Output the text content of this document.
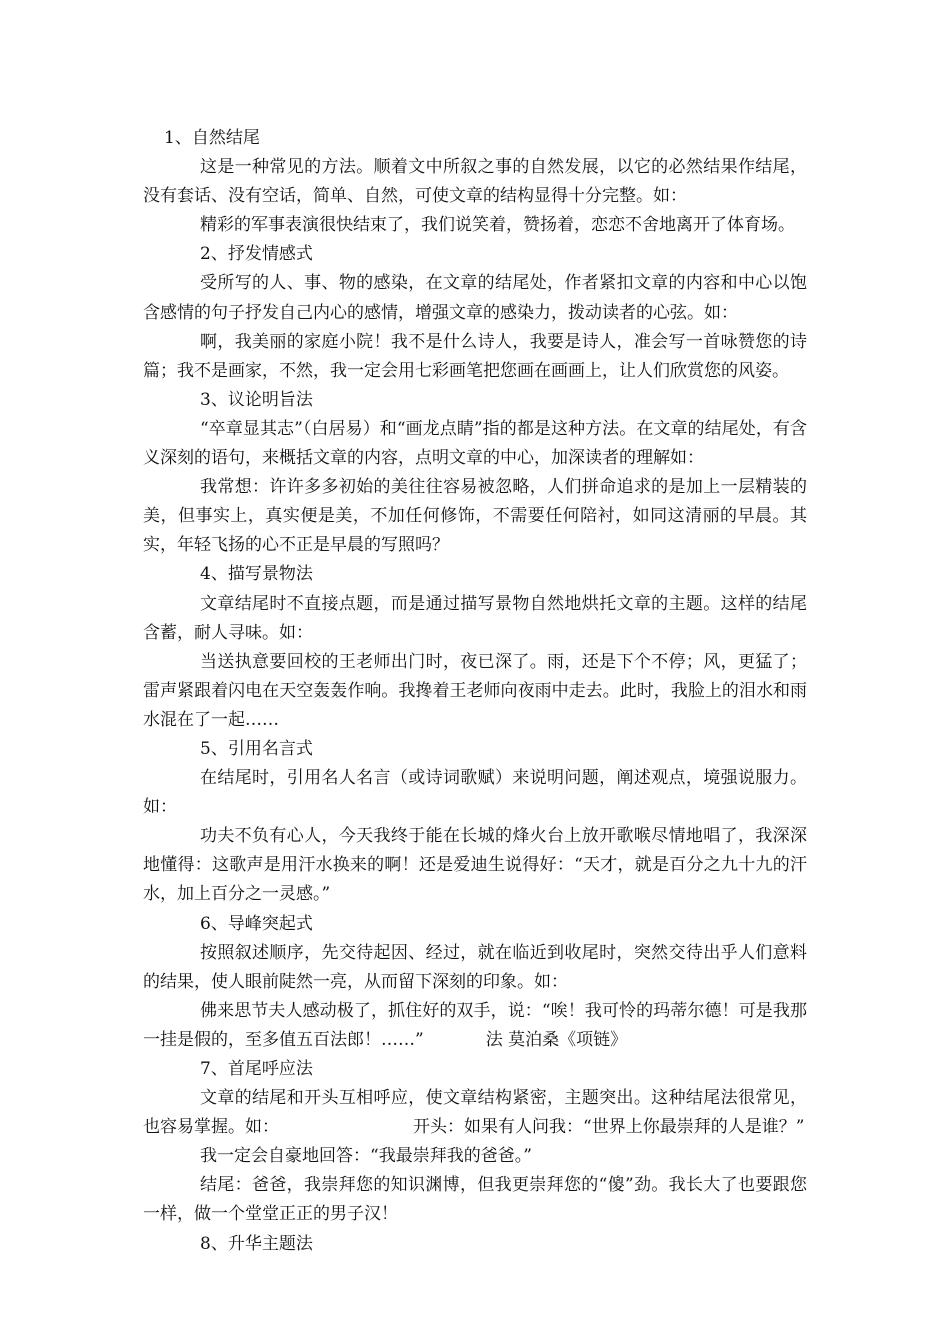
1、自然结尾

这是一种常见的方法。顺着文中所叙之事的自然发展，以它的必然结果作结尾，没有套话、没有空话，简单、自然，可使文章的结构显得十分完整。如：

精彩的军事表演很快结束了，我们说笑着，赞扬着，恋恋不舍地离开了体育场。

2、抒发情感式

受所写的人、事、物的感染，在文章的结尾处，作者紧扣文章的内容和中心以饱含感情的句子抒发自己内心的感情，增强文章的感染力，拨动读者的心弦。如：

啊，我美丽的家庭小院！我不是什么诗人，我要是诗人，准会写一首咏赞您的诗篇；我不是画家，不然，我一定会用七彩画笔把您画在画画上，让人们欣赏您的风姿。

3、议论明旨法

“卒章显其志”（白居易）和“画龙点睛”指的都是这种方法。在文章的结尾处，有含义深刻的语句，来概括文章的内容，点明文章的中心，加深读者的理解如：

我常想：许许多多初始的美往往容易被忽略，人们拼命追求的是加上一层精装的美，但事实上，真实便是美，不加任何修饰，不需要任何陪衬，如同这清丽的早晨。其实，年轻飞扬的心不正是早晨的写照吗？

4、描写景物法

文章结尾时不直接点题，而是通过描写景物自然地烘托文章的主题。这样的结尾含蓄，耐人寻味。如：

当送执意要回校的王老师出门时，夜已深了。雨，还是下个不停；风，更猛了；雷声紧跟着闪电在天空轰轰作响。我搀着王老师向夜雨中走去。此时，我脸上的泪水和雨水混在了一起……

5、引用名言式

在结尾时，引用名人名言（或诗词歌赋）来说明问题，阐述观点，境强说服力。如：

功夫不负有心人，今天我终于能在长城的烽火台上放开歌喉尽情地唱了，我深深地懂得：这歌声是用汗水换来的啊！还是爱迪生说得好：“天才，就是百分之九十九的汗水，加上百分之一灵感。”

6、导峰突起式

按照叙述顺序，先交待起因、经过，就在临近到收尾时，突然交待出乎人们意料的结果，使人眼前陡然一亮，从而留下深刻的印象。如：

佛来思节夫人感动极了，抓住好的双手，说：“唉！我可怜的玛蒂尔德！可是我那一挂是假的，至多值五百法郎！……”	法 莫泊桑《项链》

7、首尾呼应法

文章的结尾和开头互相呼应，使文章结构紧密，主题突出。这种结尾法很常见，也容易掌握。如：	开头：如果有人问我：“世界上你最崇拜的人是谁？”

我一定会自豪地回答：“我最崇拜我的爸爸。”

结尾：爸爸，我崇拜您的知识渊博，但我更崇拜您的“傻”劲。我长大了也要跟您一样，做一个堂堂正正的男子汉！

8、升华主题法
